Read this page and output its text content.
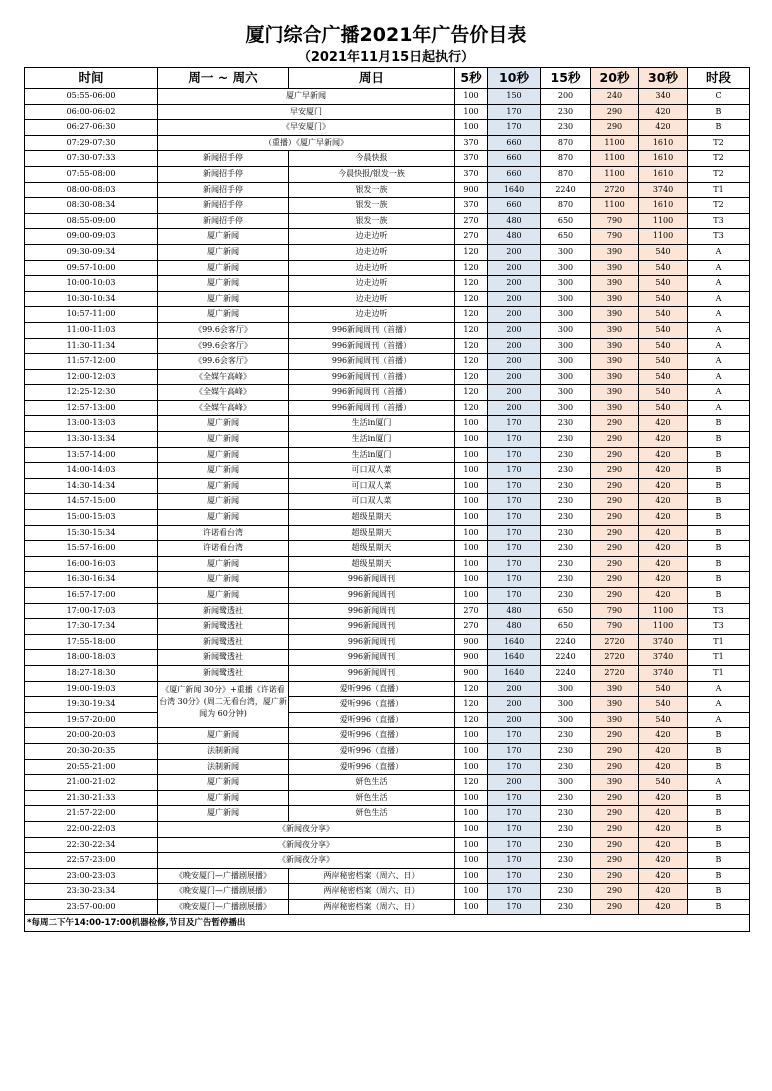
厦门综合广播2021年广告价目表
（2021年11月15日起执行）
时间	周一 ~ 周六	周日	5秒	10秒	15秒	20秒	30秒	时段
05:55-06:00	厦广早新闻		100	150	200	240	340	C
06:00-06:02	早安厦门		100	170	230	290	420	B
06:27-06:30	《早安厦门》		100	170	230	290	420	B
07:29-07:30	（重播）《厦广早新闻》		370	660	870	1100	1610	T2
07:30-07:33	新闻招手停	今晨快报	370	660	870	1100	1610	T2
07:55-08:00	新闻招手停	今晨快报/银发一族	370	660	870	1100	1610	T2
08:00-08:03	新闻招手停	银发一族	900	1640	2240	2720	3740	T1
08:30-08:34	新闻招手停	银发一族	370	660	870	1100	1610	T2
08:55-09:00	新闻招手停	银发一族	270	480	650	790	1100	T3
09:00-09:03	厦广新闻	边走边听	270	480	650	790	1100	T3
09:30-09:34	厦广新闻	边走边听	120	200	300	390	540	A
09:57-10:00	厦广新闻	边走边听	120	200	300	390	540	A
10:00-10:03	厦广新闻	边走边听	120	200	300	390	540	A
10:30-10:34	厦广新闻	边走边听	120	200	300	390	540	A
10:57-11:00	厦广新闻	边走边听	120	200	300	390	540	A
11:00-11:03	《99.6会客厅》	996新闻周刊（首播）	120	200	300	390	540	A
11:30-11:34	《99.6会客厅》	996新闻周刊（首播）	120	200	300	390	540	A
11:57-12:00	《99.6会客厅》	996新闻周刊（首播）	120	200	300	390	540	A
12:00-12:03	《全媒午高峰》	996新闻周刊（首播）	120	200	300	390	540	A
12:25-12:30	《全媒午高峰》	996新闻周刊（首播）	120	200	300	390	540	A
12:57-13:00	《全媒午高峰》	996新闻周刊（首播）	120	200	300	390	540	A
13:00-13:03	厦广新闻	生活in厦门	100	170	230	290	420	B
13:30-13:34	厦广新闻	生活in厦门	100	170	230	290	420	B
13:57-14:00	厦广新闻	生活in厦门	100	170	230	290	420	B
14:00-14:03	厦广新闻	可口双人菜	100	170	230	290	420	B
14:30-14:34	厦广新闻	可口双人菜	100	170	230	290	420	B
14:57-15:00	厦广新闻	可口双人菜	100	170	230	290	420	B
15:00-15:03	厦广新闻	超级星期天	100	170	230	290	420	B
15:30-15:34	许诺看台湾	超级星期天	100	170	230	290	420	B
15:57-16:00	许诺看台湾	超级星期天	100	170	230	290	420	B
16:00-16:03	厦广新闻	超级星期天	100	170	230	290	420	B
16:30-16:34	厦广新闻	996新闻周刊	100	170	230	290	420	B
16:57-17:00	厦广新闻	996新闻周刊	100	170	230	290	420	B
17:00-17:03	新闻鹭透社	996新闻周刊	270	480	650	790	1100	T3
17:30-17:34	新闻鹭透社	996新闻周刊	270	480	650	790	1100	T3
17:55-18:00	新闻鹭透社	996新闻周刊	900	1640	2240	2720	3740	T1
18:00-18:03	新闻鹭透社	996新闻周刊	900	1640	2240	2720	3740	T1
18:27-18:30	新闻鹭透社	996新闻周刊	900	1640	2240	2720	3740	T1
19:00-19:03	《厦广新闻 30分》+重播《许诺看台湾 30分》(周二无看台湾，厦广新闻为 60分钟)	爱听996（直播）	120	200	300	390	540	A
19:30-19:34		爱听996（直播）	120	200	300	390	540	A
19:57-20:00		爱听996（直播）	120	200	300	390	540	A
20:00-20:03	厦广新闻	爱听996（直播）	100	170	230	290	420	B
20:30-20:35	法制新闻	爱听996（直播）	100	170	230	290	420	B
20:55-21:00	法制新闻	爱听996（直播）	100	170	230	290	420	B
21:00-21:02	厦广新闻	妍色生活	120	200	300	390	540	A
21:30-21:33	厦广新闻	妍色生活	100	170	230	290	420	B
21:57-22:00	厦广新闻	妍色生活	100	170	230	290	420	B
22:00-22:03	《新闻夜分享》		100	170	230	290	420	B
22:30-22:34	《新闻夜分享》		100	170	230	290	420	B
22:57-23:00	《新闻夜分享》		100	170	230	290	420	B
23:00-23:03	《晚安厦门—广播剧展播》	两岸秘密档案（周六、日）	100	170	230	290	420	B
23:30-23:34	《晚安厦门—广播剧展播》	两岸秘密档案（周六、日）	100	170	230	290	420	B
23:57-00:00	《晚安厦门—广播剧展播》	两岸秘密档案（周六、日）	100	170	230	290	420	B
*每周二下午14:00-17:00机器检修,节目及广告暂停播出								
